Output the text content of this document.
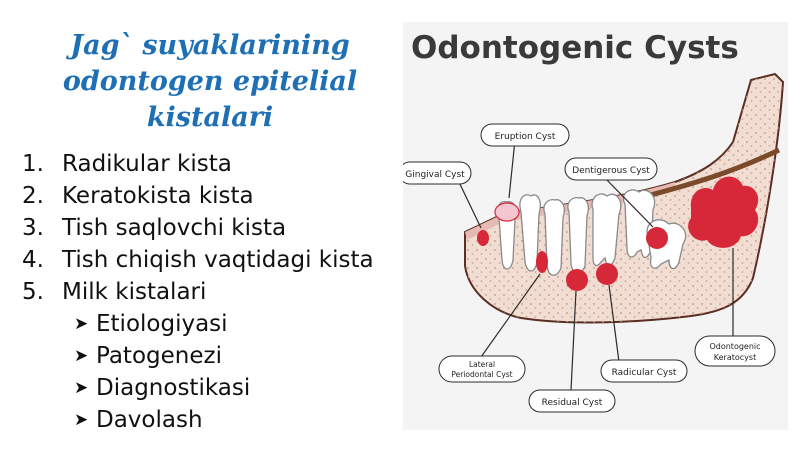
Jag` suyaklarining odontogen epitelial kistalari
1. Radikular kista
2. Keratokista kista
3. Tish saqlovchi kista
4. Tish chiqish vaqtidagi kista
5. Milk kistalari
➤ Etiologiyasi
➤ Patogenezi
➤ Diagnostikasi
➤ Davolash
Odontogenic Cysts
Eruption Cyst
Gingival Cyst	Dentigerous Cyst
Lateral
Periodontal Cyst	Radicular Cyst
Residual Cyst
Odontogenic
Keratocyst
